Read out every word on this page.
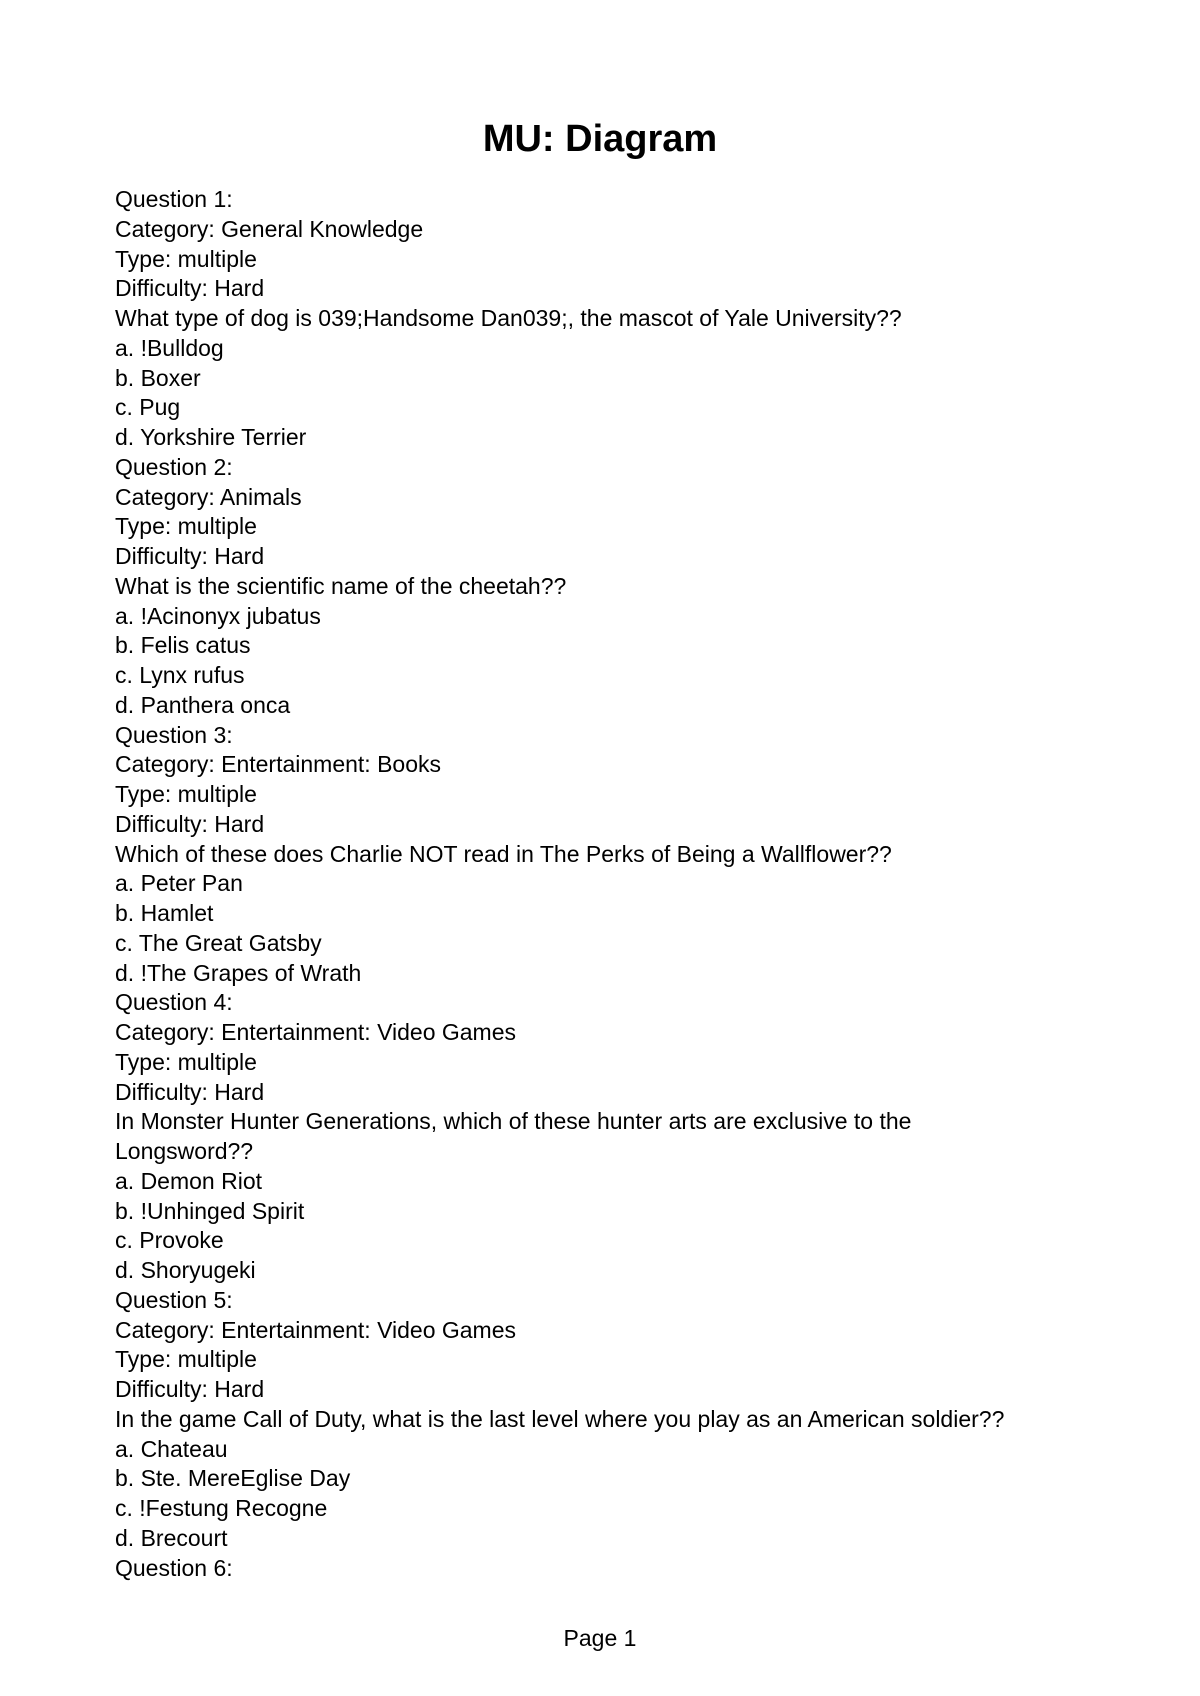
MU: Diagram
Question 1:
Category: General Knowledge
Type: multiple
Difficulty: Hard
What type of dog is 039;Handsome Dan039;, the mascot of Yale University??
a. !Bulldog
b. Boxer
c. Pug
d. Yorkshire Terrier
Question 2:
Category: Animals
Type: multiple
Difficulty: Hard
What is the scientific name of the cheetah??
a. !Acinonyx jubatus
b. Felis catus
c. Lynx rufus
d. Panthera onca
Question 3:
Category: Entertainment: Books
Type: multiple
Difficulty: Hard
Which of these does Charlie NOT read in The Perks of Being a Wallflower??
a. Peter Pan
b. Hamlet
c. The Great Gatsby
d. !The Grapes of Wrath
Question 4:
Category: Entertainment: Video Games
Type: multiple
Difficulty: Hard
In Monster Hunter Generations, which of these hunter arts are exclusive to the
Longsword??
a. Demon Riot
b. !Unhinged Spirit
c. Provoke
d. Shoryugeki
Question 5:
Category: Entertainment: Video Games
Type: multiple
Difficulty: Hard
In the game Call of Duty, what is the last level where you play as an American soldier??
a. Chateau
b. Ste. MereEglise Day
c. !Festung Recogne
d. Brecourt
Question 6:
Page 1
